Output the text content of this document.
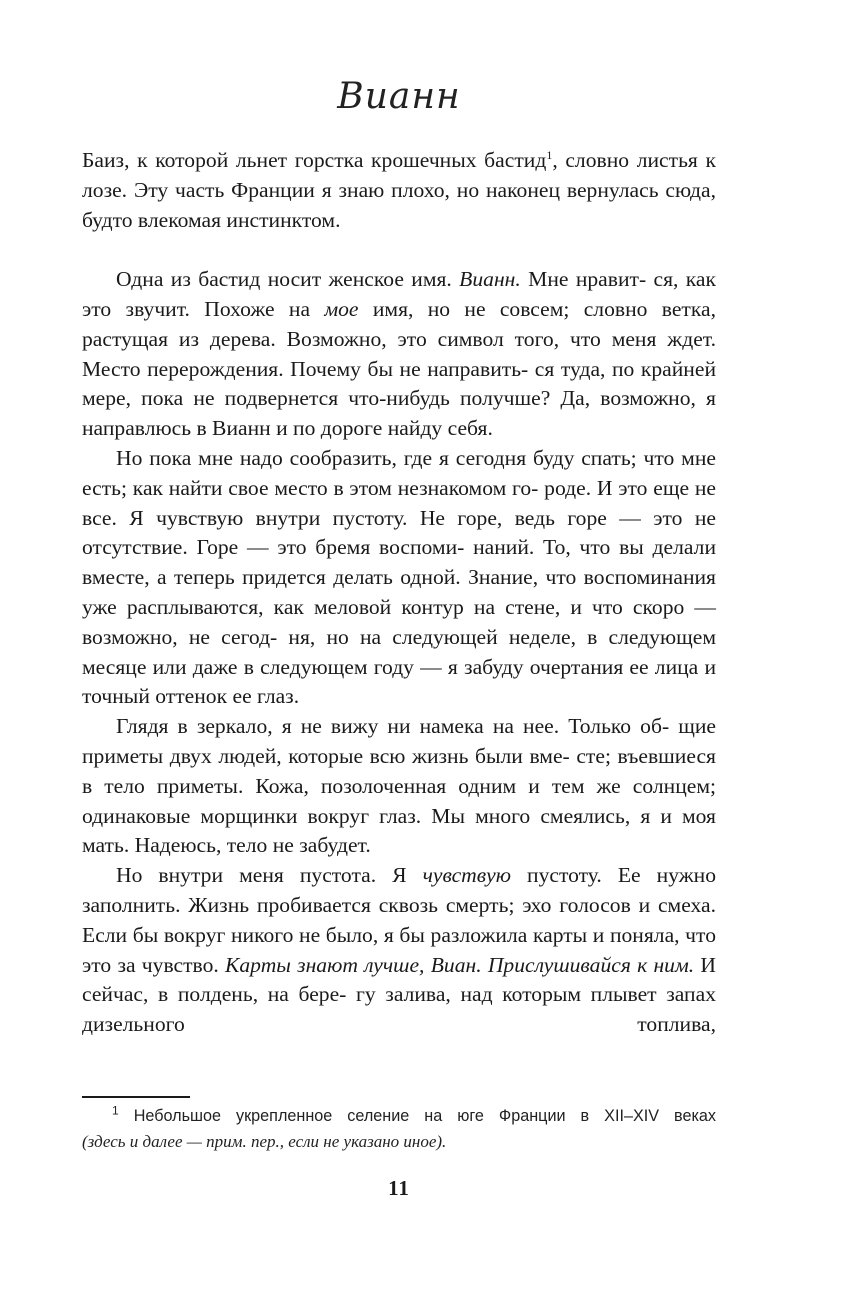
Вианн

Баиз, к которой льнет горстка крошечных бастид$^1$, словно листья к лозе. Эту часть Франции я знаю плохо, но наконец вернулась сюда, будто влекомая инстинктом.

Одна из бастид носит женское имя. Вианн. Мне нравит- ся, как это звучит. Похоже на мое имя, но не совсем; словно ветка, растущая из дерева. Возможно, это символ того, что меня ждет. Место перерождения. Почему бы не направить- ся туда, по крайней мере, пока не подвернется что-нибудь получше? Да, возможно, я направлюсь в Вианн и по дороге найду себя.

Но пока мне надо сообразить, где я сегодня буду спать; что мне есть; как найти свое место в этом незнакомом го- роде. И это еще не все. Я чувствую внутри пустоту. Не горе, ведь горе — это не отсутствие. Горе — это бремя воспоми- наний. То, что вы делали вместе, а теперь придется делать одной. Знание, что воспоминания уже расплываются, как меловой контур на стене, и что скоро — возможно, не сегод- ня, но на следующей неделе, в следующем месяце или даже в следующем году — я забуду очертания ее лица и точный оттенок ее глаз.

Глядя в зеркало, я не вижу ни намека на нее. Только об- щие приметы двух людей, которые всю жизнь были вме- сте; въевшиеся в тело приметы. Кожа, позолоченная одним и тем же солнцем; одинаковые морщинки вокруг глаз. Мы много смеялись, я и моя мать. Надеюсь, тело не забудет.

Но внутри меня пустота. Я чувствую пустоту. Ее нужно заполнить. Жизнь пробивается сквозь смерть; эхо голосов и смеха. Если бы вокруг никого не было, я бы разложила карты и поняла, что это за чувство. Карты знают лучше, Виан. Прислушивайся к ним. И сейчас, в полдень, на бере- гу залива, над которым плывет запах дизельного топлива,

$^1$ Небольшое укрепленное селение на юге Франции в XII–XIV веках
(здесь и далее — прим. пер., если не указано иное).
11
